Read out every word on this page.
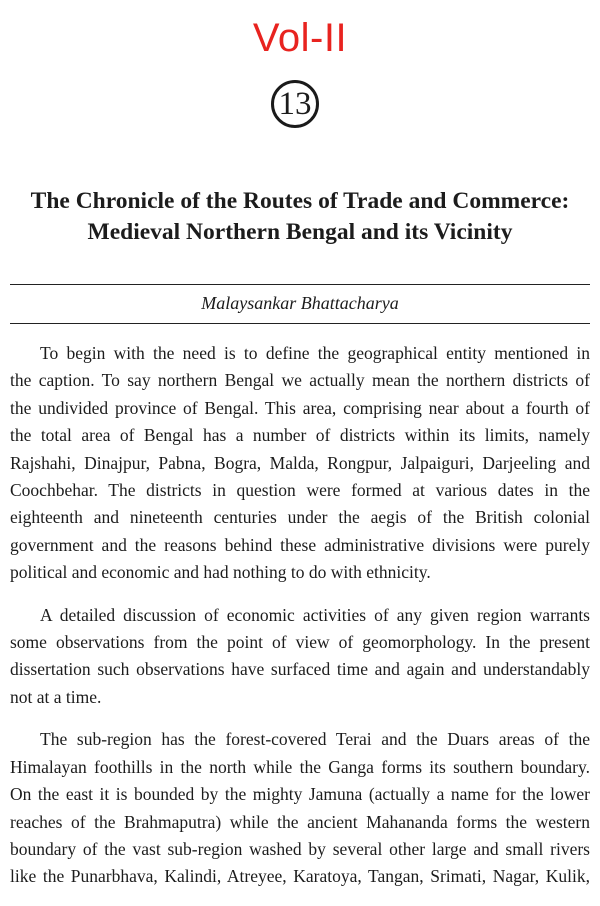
Vol-II
13
The Chronicle of the Routes of Trade and Commerce:
Medieval Northern Bengal and its Vicinity
Malaysankar Bhattacharya

To begin with the need is to define the geographical entity mentioned in
the caption. To say northern Bengal we actually mean the northern districts of
the undivided province of Bengal. This area, comprising near about a fourth of
the total area of Bengal has a number of districts within its limits, namely
Rajshahi, Dinajpur, Pabna, Bogra, Malda, Rongpur, Jalpaiguri, Darjeeling and
Coochbehar. The districts in question were formed at various dates in the
eighteenth and nineteenth centuries under the aegis of the British colonial
government and the reasons behind these administrative divisions were purely
political and economic and had nothing to do with ethnicity.

A detailed discussion of economic activities of any given region warrants
some observations from the point of view of geomorphology. In the present
dissertation such observations have surfaced time and again and understandably
not at a time.

The sub-region has the forest-covered Terai and the Duars areas of the
Himalayan foothills in the north while the Ganga forms its southern boundary.
On the east it is bounded by the mighty Jamuna (actually a name for the lower
reaches of the Brahmaputra) while the ancient Mahananda forms the western
boundary of the vast sub-region washed by several other large and small rivers
like the Punarbhava, Kalindi, Atreyee, Karatoya, Tangan, Srimati, Nagar, Kulik,
